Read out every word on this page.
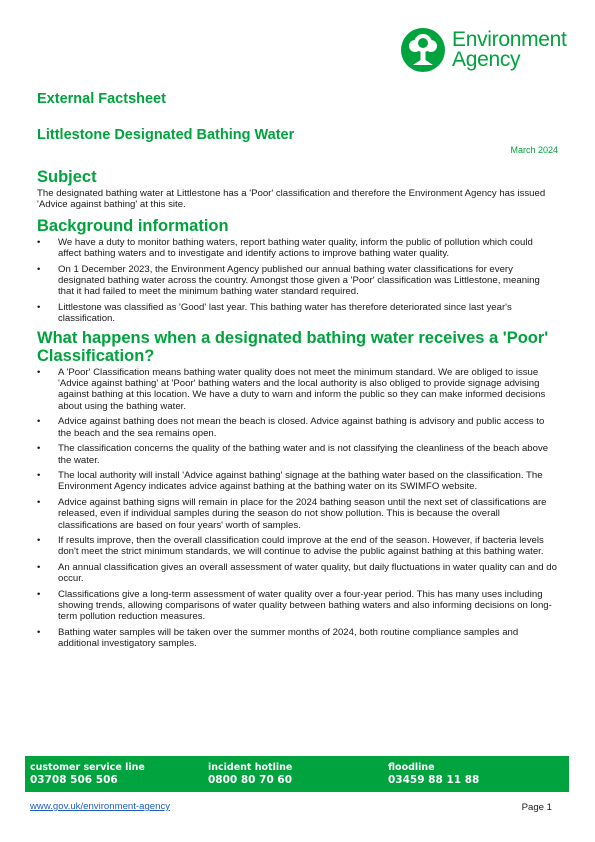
Environment
Agency
External Factsheet
Littlestone Designated Bathing Water
March 2024
Subject

The designated bathing water at Littlestone has a 'Poor' classification and therefore the Environment Agency has issued 'Advice against bathing' at this site.

Background information
• We have a duty to monitor bathing waters, report bathing water quality, inform the public of pollution which could affect bathing waters and to investigate and identify actions to improve bathing water quality.
• On 1 December 2023, the Environment Agency published our annual bathing water classifications for every designated bathing water across the country. Amongst those given a 'Poor' classification was Littlestone, meaning that it had failed to meet the minimum bathing water standard required.
• Littlestone was classified as 'Good' last year. This bathing water has therefore deteriorated since last year's classification.
What happens when a designated bathing water receives a 'Poor' Classification?
• A 'Poor' Classification means bathing water quality does not meet the minimum standard. We are obliged to issue 'Advice against bathing' at 'Poor' bathing waters and the local authority is also obliged to provide signage advising against bathing at this location. We have a duty to warn and inform the public so they can make informed decisions about using the bathing water.
• Advice against bathing does not mean the beach is closed. Advice against bathing is advisory and public access to the beach and the sea remains open.
• The classification concerns the quality of the bathing water and is not classifying the cleanliness of the beach above the water.
• The local authority will install 'Advice against bathing' signage at the bathing water based on the classification. The Environment Agency indicates advice against bathing at the bathing water on its SWIMFO website.
• Advice against bathing signs will remain in place for the 2024 bathing season until the next set of classifications are released, even if individual samples during the season do not show pollution. This is because the overall classifications are based on four years' worth of samples.
• If results improve, then the overall classification could improve at the end of the season. However, if bacteria levels don't meet the strict minimum standards, we will continue to advise the public against bathing at this bathing water.
• An annual classification gives an overall assessment of water quality, but daily fluctuations in water quality can and do occur.
• Classifications give a long-term assessment of water quality over a four-year period. This has many uses including showing trends, allowing comparisons of water quality between bathing waters and also informing decisions on long-term pollution reduction measures.
• Bathing water samples will be taken over the summer months of 2024, both routine compliance samples and additional investigatory samples.
customer service line
03708 506 506
incident hotline
0800 80 70 60
floodline
03459 88 11 88
www.gov.uk/environment-agency	Page 1
